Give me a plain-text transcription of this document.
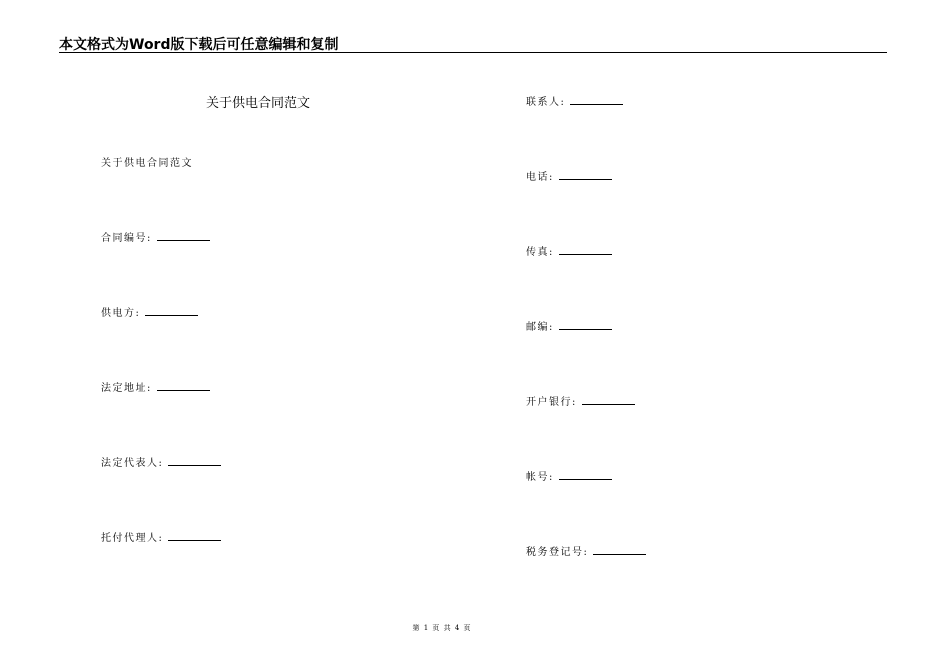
本文格式为Word版下载后可任意编辑和复制
关于供电合同范文
关于供电合同范文
合同编号:
供电方:
法定地址:
法定代表人:
托付代理人:
联系人:
电话:
传真:
邮编:
开户银行:
帐号:
税务登记号:
第 1 页 共 4 页
